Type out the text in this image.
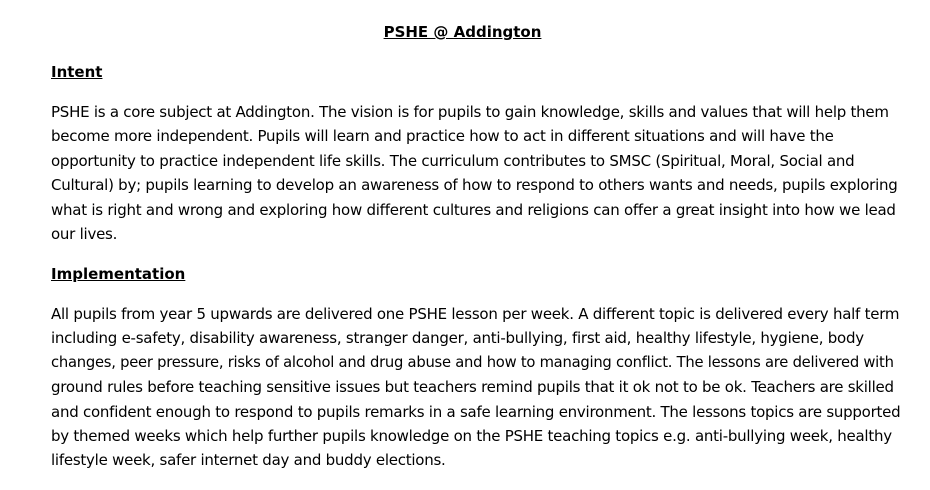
PSHE @ Addington
Intent
PSHE is a core subject at Addington. The vision is for pupils to gain knowledge, skills and values that will help them
become more independent. Pupils will learn and practice how to act in different situations and will have the
opportunity to practice independent life skills. The curriculum contributes to SMSC (Spiritual, Moral, Social and
Cultural) by; pupils learning to develop an awareness of how to respond to others wants and needs, pupils exploring
what is right and wrong and exploring how different cultures and religions can offer a great insight into how we lead
our lives.
Implementation
All pupils from year 5 upwards are delivered one PSHE lesson per week. A different topic is delivered every half term
including e-safety, disability awareness, stranger danger, anti-bullying, first aid, healthy lifestyle, hygiene, body
changes, peer pressure, risks of alcohol and drug abuse and how to managing conflict. The lessons are delivered with
ground rules before teaching sensitive issues but teachers remind pupils that it ok not to be ok. Teachers are skilled
and confident enough to respond to pupils remarks in a safe learning environment. The lessons topics are supported
by themed weeks which help further pupils knowledge on the PSHE teaching topics e.g. anti-bullying week, healthy
lifestyle week, safer internet day and buddy elections.
